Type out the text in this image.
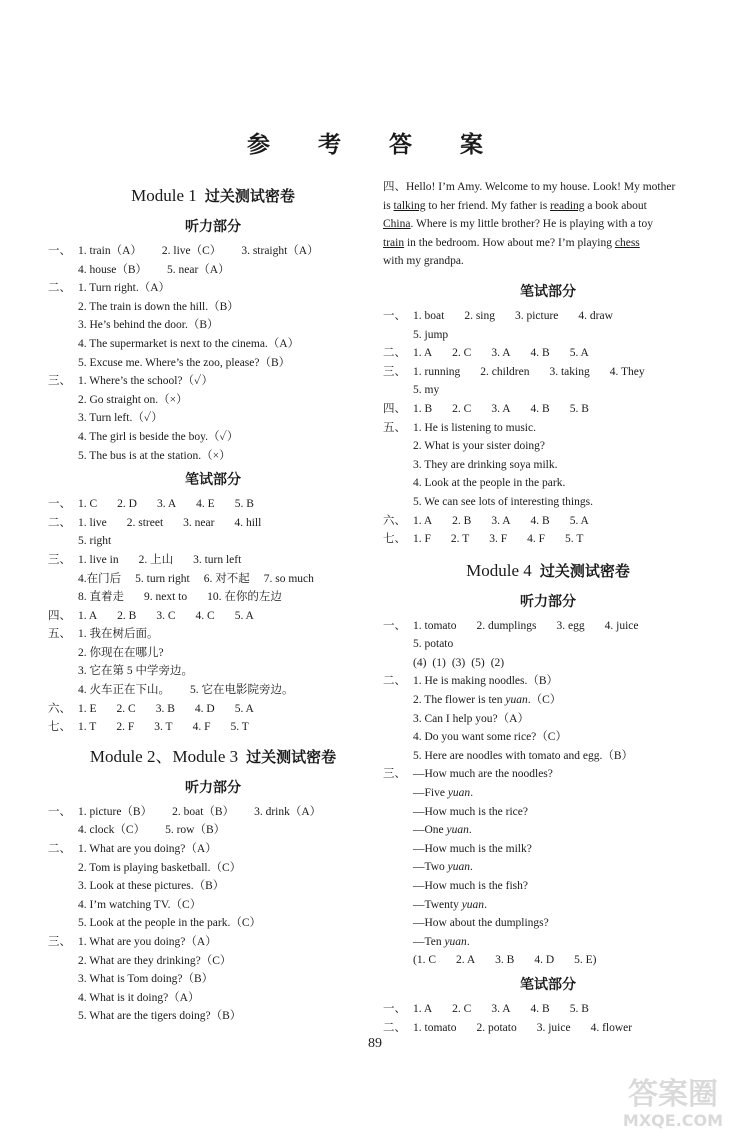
参 考 答 案
Module 1 过关测试密卷
听力部分
一、 1. train（A） 2. live（C） 3. straight（A）
4. house（B） 5. near（A）
二、 1. Turn right.（A）
2. The train is down the hill.（B）
3. He’s behind the door.（B）
4. The supermarket is next to the cinema.（A）
5. Excuse me. Where’s the zoo, please?（B）
三、 1. Where’s the school?（✓）
2. Go straight on.（×）
3. Turn left.（✓）
4. The girl is beside the boy.（✓）
5. The bus is at the station.（×）
笔试部分
一、 1. C 2. D 3. A 4. E 5. B
二、 1. live 2. street 3. near 4. hill
5. right
三、 1. live in 2. 上山 3. turn left
4.在门后 5. turn right 6. 对不起 7. so much
8. 直着走 9. next to 10. 在你的左边
四、 1. A 2. B 3. C 4. C 5. A
五、 1. 我在树后面。
2. 你现在在哪儿?
3. 它在第 5 中学旁边。
4. 火车正在下山。 5. 它在电影院旁边。
六、 1. E 2. C 3. B 4. D 5. A
七、 1. T 2. F 3. T 4. F 5. T
Module 2、Module 3 过关测试密卷
听力部分
一、 1. picture（B） 2. boat（B） 3. drink（A）
4. clock（C） 5. row（B）
二、 1. What are you doing?（A）
2. Tom is playing basketball.（C）
3. Look at these pictures.（B）
4. I’m watching TV.（C）
5. Look at the people in the park.（C）
三、 1. What are you doing?（A）
2. What are they drinking?（C）
3. What is Tom doing?（B）
4. What is it doing?（A）
5. What are the tigers doing?（B）
四、Hello! I’m Amy. Welcome to my house. Look! My mother
is talking to her friend. My father is reading a book about
China. Where is my little brother? He is playing with a toy
train in the bedroom. How about me? I’m playing chess
with my grandpa.
笔试部分
一、 1. boat 2. sing 3. picture 4. draw
5. jump
二、 1. A 2. C 3. A 4. B 5. A
三、 1. running 2. children 3. taking 4. They
5. my
四、 1. B 2. C 3. A 4. B 5. B
五、 1. He is listening to music.
2. What is your sister doing?
3. They are drinking soya milk.
4. Look at the people in the park.
5. We can see lots of interesting things.
六、 1. A 2. B 3. A 4. B 5. A
七、 1. F 2. T 3. F 4. F 5. T
Module 4 过关测试密卷
听力部分
一、 1. tomato 2. dumplings 3. egg 4. juice
5. potato
(4) (1) (3) (5) (2)
二、 1. He is making noodles.（B）
2. The flower is ten yuan.（C）
3. Can I help you?（A）
4. Do you want some rice?（C）
5. Here are noodles with tomato and egg.（B）
三、 —How much are the noodles?
—Five yuan.
—How much is the rice?
—One yuan.
—How much is the milk?
—Two yuan.
—How much is the fish?
—Twenty yuan.
—How about the dumplings?
—Ten yuan.
(1. C 2. A 3. B 4. D 5. E)
笔试部分
一、 1. A 2. C 3. A 4. B 5. B
二、 1. tomato 2. potato 3. juice 4. flower
89
答案圈
MXQE.COM
